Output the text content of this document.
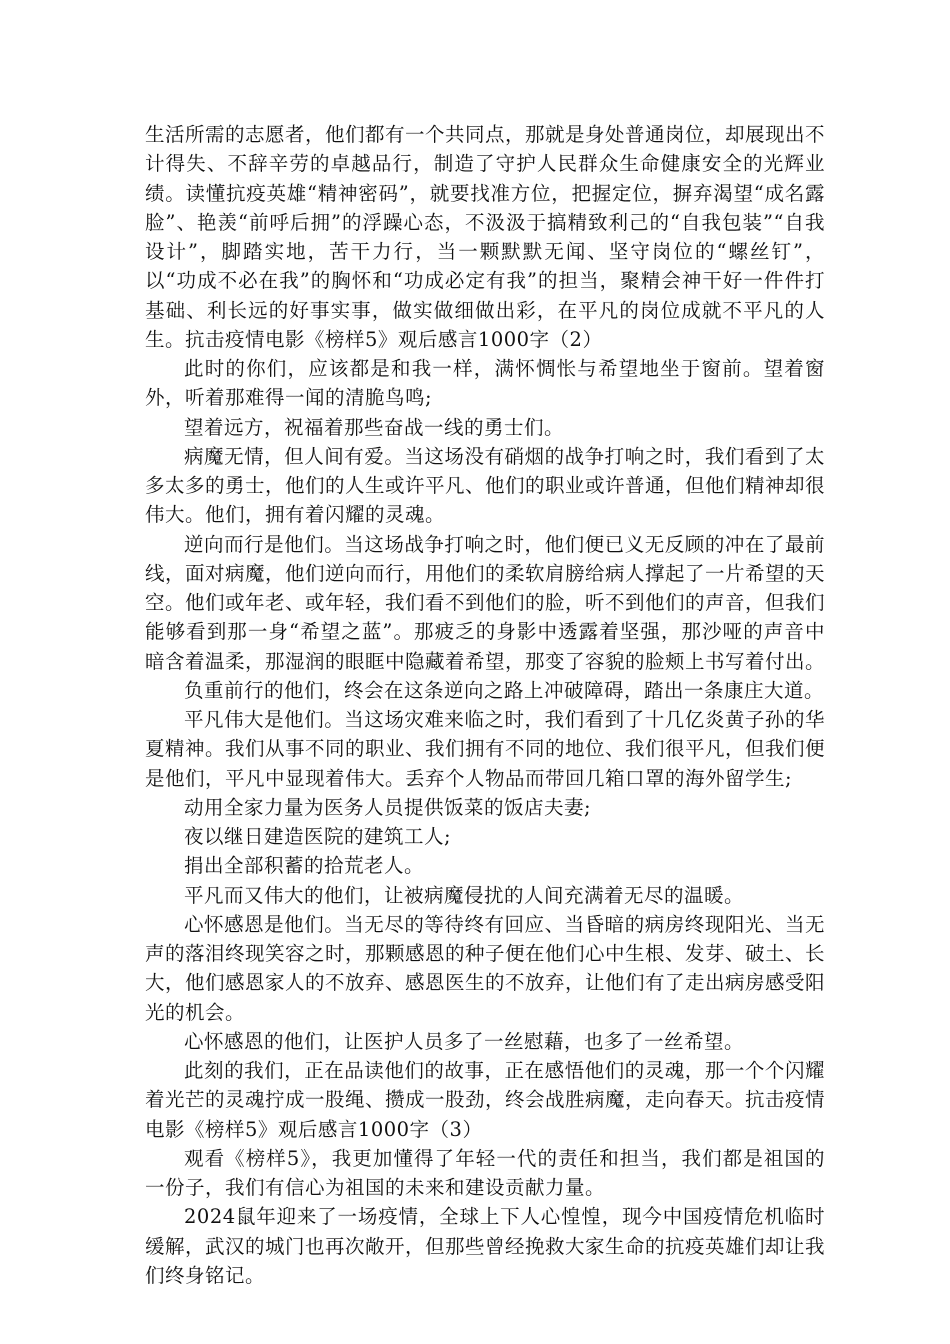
生活所需的志愿者，他们都有一个共同点，那就是身处普通岗位，却展现出不计得失、不辞辛劳的卓越品行，制造了守护人民群众生命健康安全的光辉业绩。读懂抗疫英雄“精神密码”，就要找准方位，把握定位，摒弃渴望“成名露脸”、艳羡“前呼后拥”的浮躁心态，不汲汲于搞精致利己的“自我包装”“自我设计”，脚踏实地，苦干力行，当一颗默默无闻、坚守岗位的“螺丝钉”，以“功成不必在我”的胸怀和“功成必定有我”的担当，聚精会神干好一件件打基础、利长远的好事实事，做实做细做出彩，在平凡的岗位成就不平凡的人生。抗击疫情电影《榜样5》观后感言1000字（2）

此时的你们，应该都是和我一样，满怀惆怅与希望地坐于窗前。望着窗外，听着那难得一闻的清脆鸟鸣;

望着远方，祝福着那些奋战一线的勇士们。

病魔无情，但人间有爱。当这场没有硝烟的战争打响之时，我们看到了太多太多的勇士，他们的人生或许平凡、他们的职业或许普通，但他们精神却很伟大。他们，拥有着闪耀的灵魂。

逆向而行是他们。当这场战争打响之时，他们便已义无反顾的冲在了最前线，面对病魔，他们逆向而行，用他们的柔软肩膀给病人撑起了一片希望的天空。他们或年老、或年轻，我们看不到他们的脸，听不到他们的声音，但我们能够看到那一身“希望之蓝”。那疲乏的身影中透露着坚强，那沙哑的声音中暗含着温柔，那湿润的眼眶中隐藏着希望，那变了容貌的脸颊上书写着付出。

负重前行的他们，终会在这条逆向之路上冲破障碍，踏出一条康庄大道。

平凡伟大是他们。当这场灾难来临之时，我们看到了十几亿炎黄子孙的华夏精神。我们从事不同的职业、我们拥有不同的地位、我们很平凡，但我们便是他们，平凡中显现着伟大。丢弃个人物品而带回几箱口罩的海外留学生;

动用全家力量为医务人员提供饭菜的饭店夫妻;

夜以继日建造医院的建筑工人;

捐出全部积蓄的拾荒老人。

平凡而又伟大的他们，让被病魔侵扰的人间充满着无尽的温暖。

心怀感恩是他们。当无尽的等待终有回应、当昏暗的病房终现阳光、当无声的落泪终现笑容之时，那颗感恩的种子便在他们心中生根、发芽、破土、长大，他们感恩家人的不放弃、感恩医生的不放弃，让他们有了走出病房感受阳光的机会。

心怀感恩的他们，让医护人员多了一丝慰藉，也多了一丝希望。

此刻的我们，正在品读他们的故事，正在感悟他们的灵魂，那一个个闪耀着光芒的灵魂拧成一股绳、攒成一股劲，终会战胜病魔，走向春天。抗击疫情电影《榜样5》观后感言1000字（3）

观看《榜样5》，我更加懂得了年轻一代的责任和担当，我们都是祖国的一份子，我们有信心为祖国的未来和建设贡献力量。

2024鼠年迎来了一场疫情，全球上下人心惶惶，现今中国疫情危机临时缓解，武汉的城门也再次敞开，但那些曾经挽救大家生命的抗疫英雄们却让我们终身铭记。
